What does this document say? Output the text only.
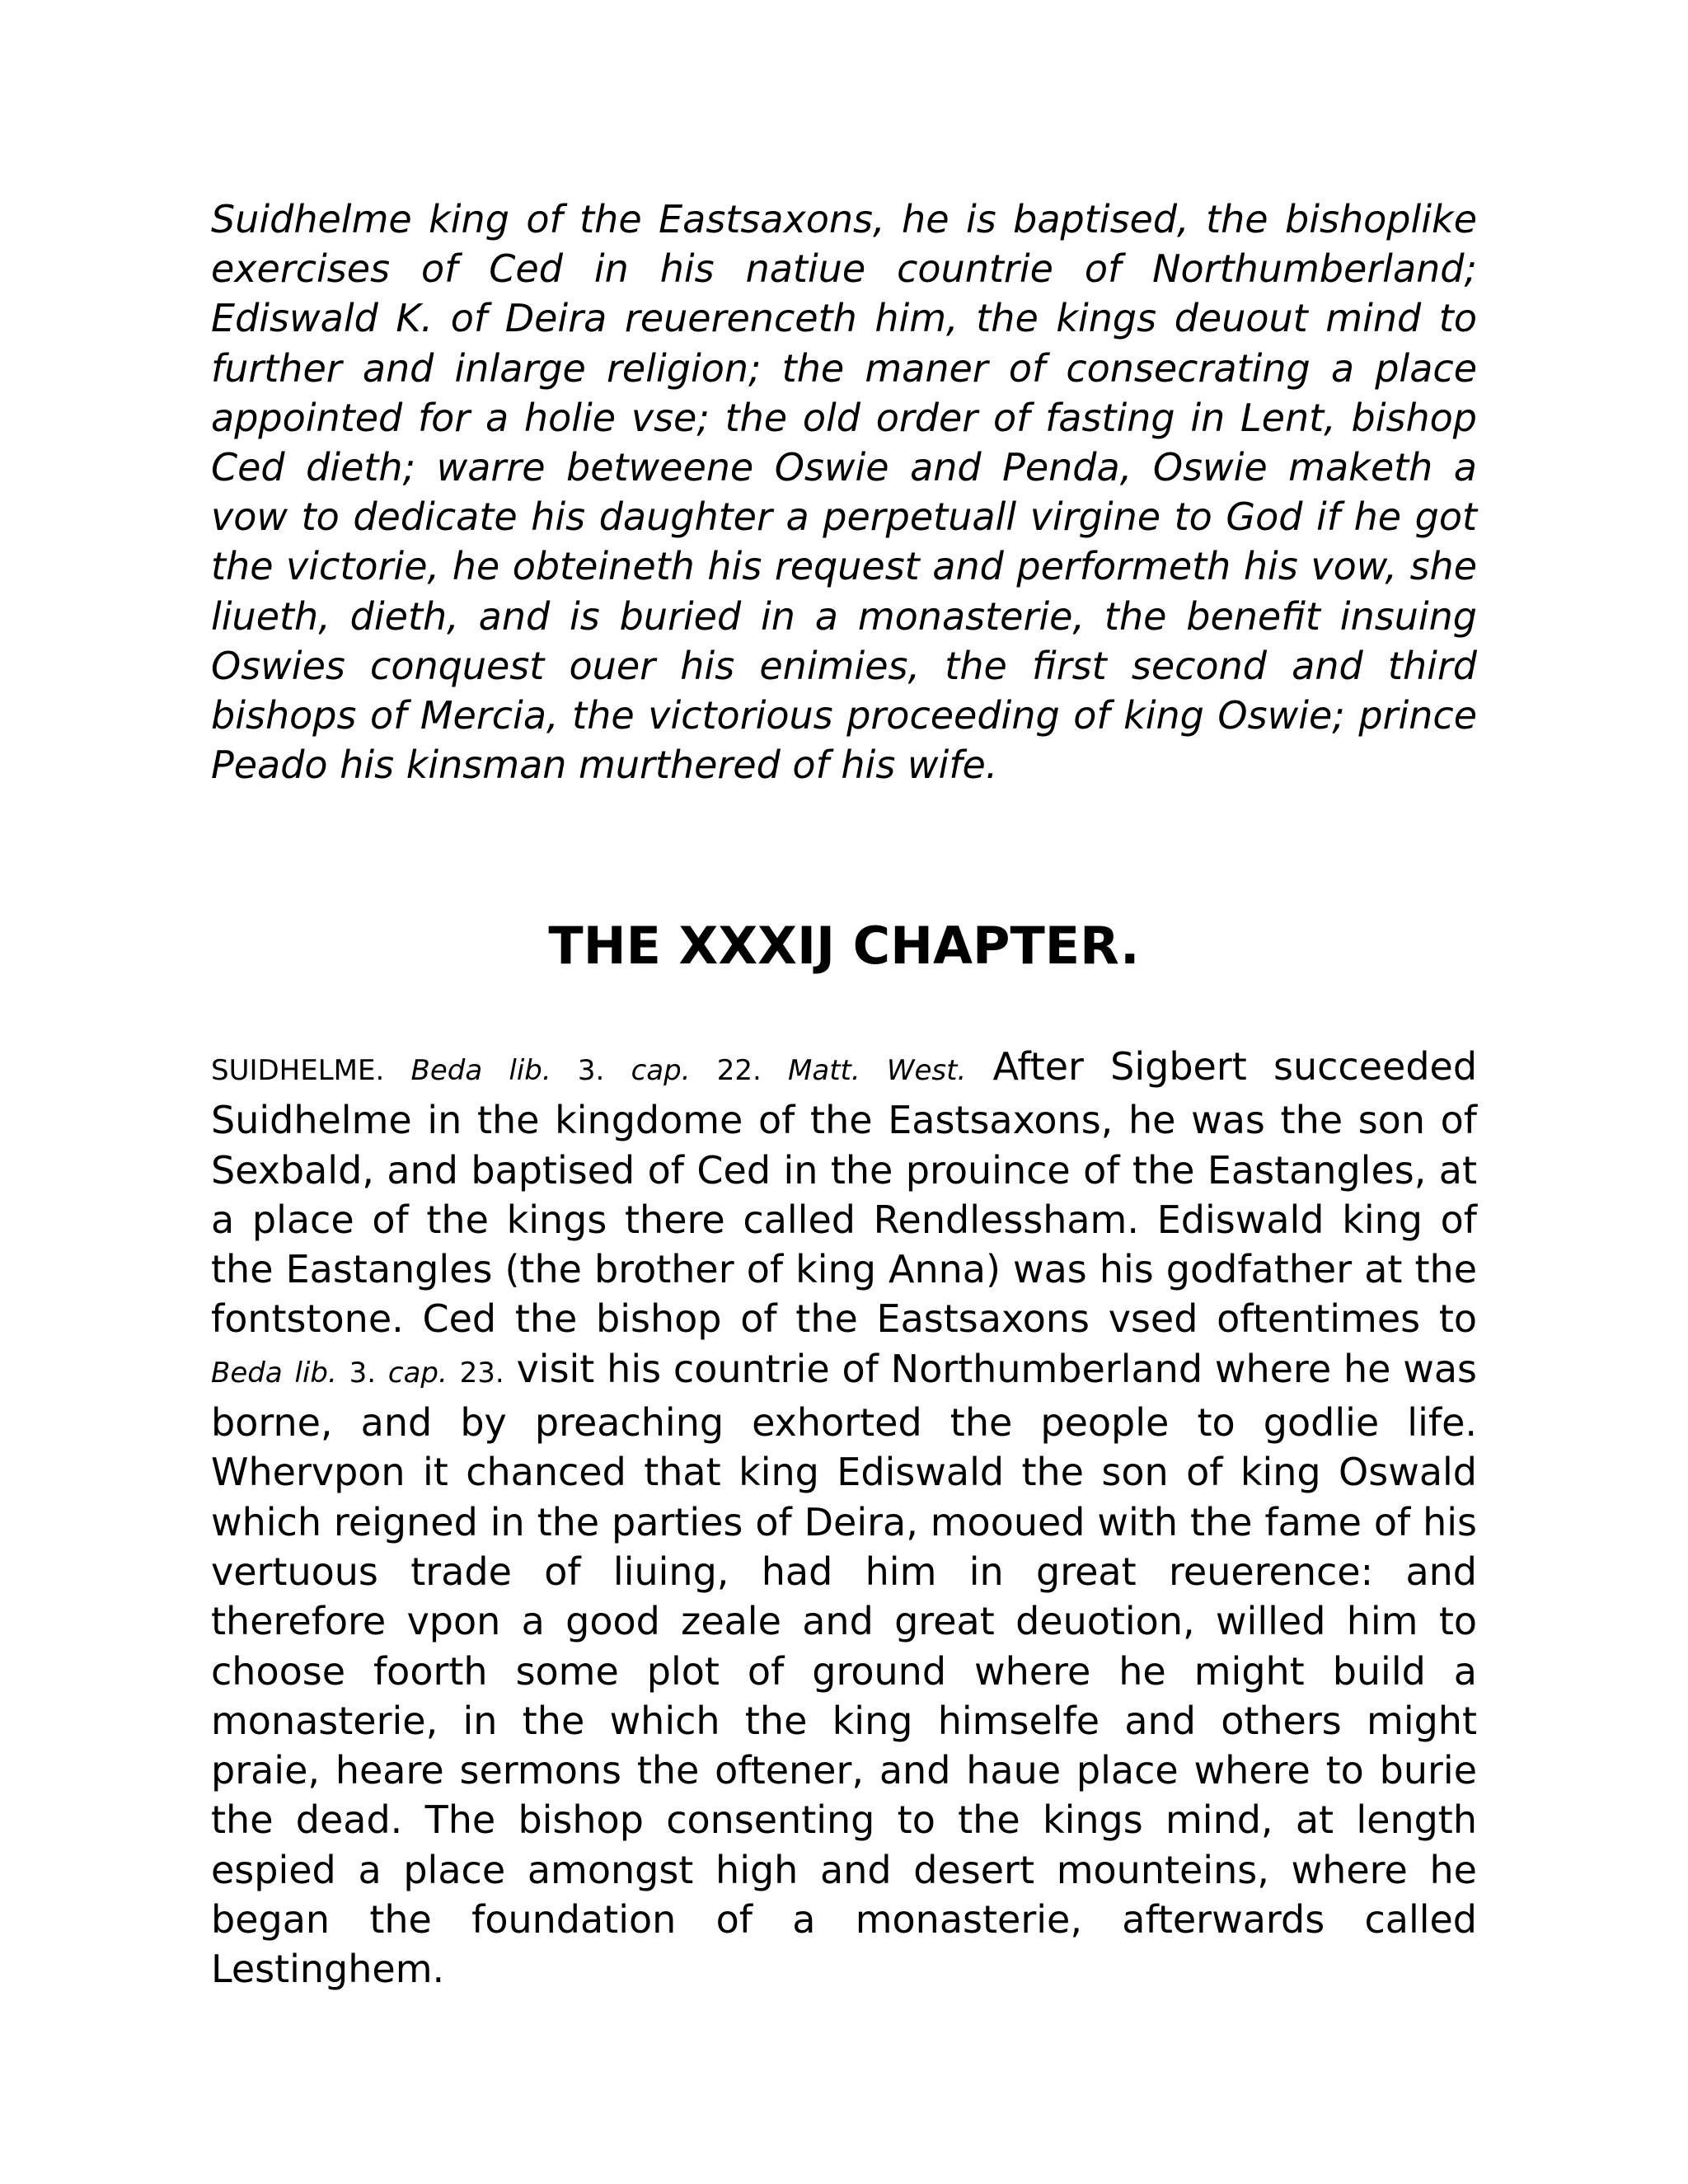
Suidhelme king of the Eastsaxons, he is baptised, the bishoplike exercises of Ced in his natiue countrie of Northumberland; Ediswald K. of Deira reuerenceth him, the kings deuout mind to further and inlarge religion; the maner of consecrating a place appointed for a holie vse; the old order of fasting in Lent, bishop Ced dieth; warre betweene Oswie and Penda, Oswie maketh a vow to dedicate his daughter a perpetuall virgine to God if he got the victorie, he obteineth his request and performeth his vow, she liueth, dieth, and is buried in a monasterie, the benefit insuing Oswies conquest ouer his enimies, the first second and third bishops of Mercia, the victorious proceeding of king Oswie; prince Peado his kinsman murthered of his wife.

THE XXXIJ CHAPTER.

SUIDHELME. Beda lib. 3. cap. 22. Matt. West. After Sigbert succeeded Suidhelme in the kingdome of the Eastsaxons, he was the son of Sexbald, and baptised of Ced in the prouince of the Eastangles, at a place of the kings there called Rendlessham. Ediswald king of the Eastangles (the brother of king Anna) was his godfather at the fontstone. Ced the bishop of the Eastsaxons vsed oftentimes to Beda lib. 3. cap. 23. visit his countrie of Northumberland where he was borne, and by preaching exhorted the people to godlie life. Whervpon it chanced that king Ediswald the son of king Oswald which reigned in the parties of Deira, mooued with the fame of his vertuous trade of liuing, had him in great reuerence: and therefore vpon a good zeale and great deuotion, willed him to choose foorth some plot of ground where he might build a monasterie, in the which the king himselfe and others might praie, heare sermons the oftener, and haue place where to burie the dead. The bishop consenting to the kings mind, at length espied a place amongst high and desert mounteins, where he began the foundation of a monasterie, afterwards called Lestinghem.
